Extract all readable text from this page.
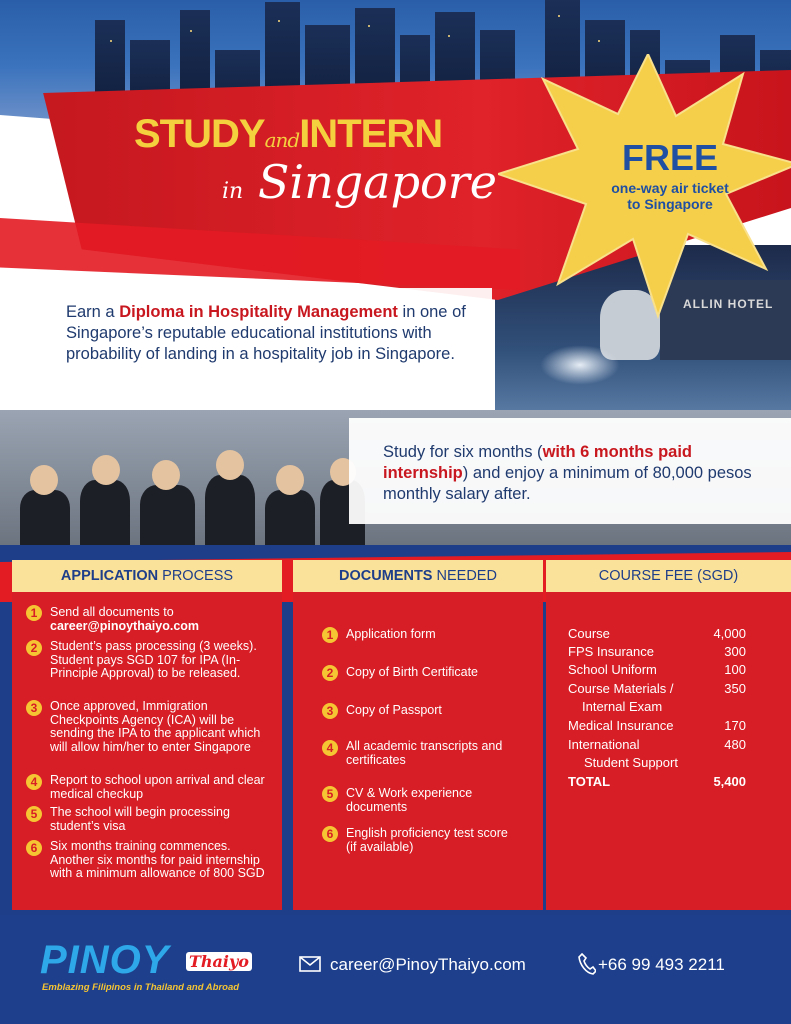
ALLIN HOTEL
STUDYandINTERN
in Singapore	FREE
one-way air ticket
to Singapore
Earn a Diploma in Hospitality Management in one of Singapore’s reputable educational institutions with probability of landing in a hospitality job in Singapore.
Study for six months (with 6 months paid internship) and enjoy a minimum of 80,000 pesos monthly salary after.
APPLICATION PROCESS
1	Send all documents to
career@pinoythaiyo.com
2	Student’s pass processing (3 weeks). Student pays SGD 107 for IPA (In-Principle Approval) to be released.
3	Once approved, Immigration Checkpoints Agency (ICA) will be sending the IPA to the applicant which will allow him/her to enter Singapore
4	Report to school upon arrival and clear medical checkup
5	The school will begin processing student’s visa
6	Six months training commences. Another six months for paid internship with a minimum allowance of 800 SGD
DOCUMENTS NEEDED
1	Application form
2	Copy of Birth Certificate
3	Copy of Passport
4	All academic transcripts and certificates
5	CV & Work experience documents
6	English proficiency test score (if available)
COURSE FEE (SGD)
Course	4,000
FPS Insurance	300
School Uniform	100
Course Materials /	350
Internal Exam
Medical Insurance	170
International	480
Student Support
TOTAL	5,400
PINOY Thaiyo
Emblazing Filipinos in Thailand and Abroad
career@PinoyThaiyo.com	+66 99 493 2211
